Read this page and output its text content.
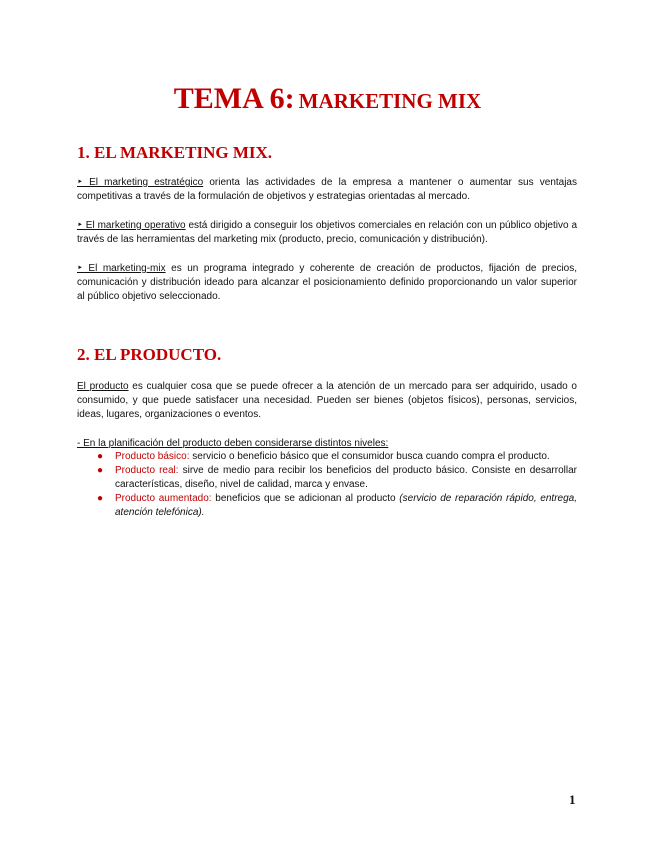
TEMA 6: MARKETING MIX
1. EL MARKETING MIX.
‣ El marketing estratégico orienta las actividades de la empresa a mantener o aumentar sus ventajas competitivas a través de la formulación de objetivos y estrategias orientadas al mercado.
‣ El marketing operativo está dirigido a conseguir los objetivos comerciales en relación con un público objetivo a través de las herramientas del marketing mix (producto, precio, comunicación y distribución).
‣ El marketing-mix es un programa integrado y coherente de creación de productos, fijación de precios, comunicación y distribución ideado para alcanzar el posicionamiento definido proporcionando un valor superior al público objetivo seleccionado.
2. EL PRODUCTO.
El producto es cualquier cosa que se puede ofrecer a la atención de un mercado para ser adquirido, usado o consumido, y que puede satisfacer una necesidad. Pueden ser bienes (objetos físicos), personas, servicios, ideas, lugares, organizaciones o eventos.
- En la planificación del producto deben considerarse distintos niveles:
● Producto básico: servicio o beneficio básico que el consumidor busca cuando compra el producto.
● Producto real: sirve de medio para recibir los beneficios del producto básico. Consiste en desarrollar características, diseño, nivel de calidad, marca y envase.
● Producto aumentado: beneficios que se adicionan al producto (servicio de reparación rápido, entrega, atención telefónica).
1
